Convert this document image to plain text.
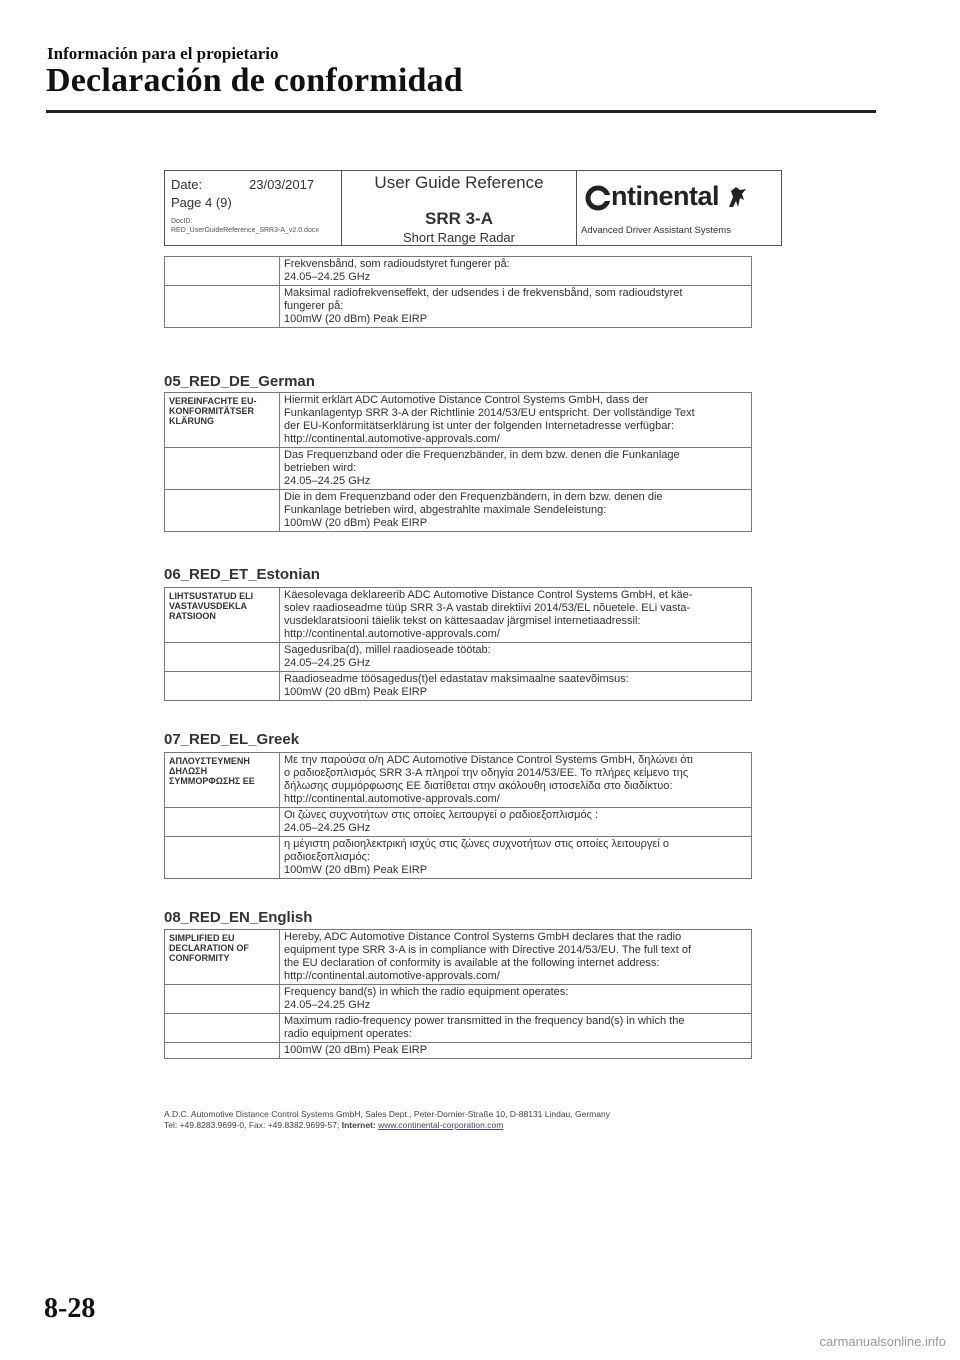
Información para el propietario
Declaración de conformidad
Date:	23/03/2017
Page 4 (9)
DocID:
RED_UserGuideReference_SRR3-A_v2.0.docx
User Guide Reference
SRR 3-A
Short Range Radar
ntinental
Advanced Driver Assistant Systems

	Frekvensbånd, som radioudstyret fungerer på:
24.05–24.25 GHz

	Maksimal radiofrekvenseffekt, der udsendes i de frekvensbånd, som radioudstyret
fungerer på:
100mW (20 dBm) Peak EIRP
05_RED_DE_German
VEREINFACHTE EU-KONFORMITÄTSER KLÄRUNG	Hiermit erklärt ADC Automotive Distance Control Systems GmbH, dass der
Funkanlagentyp SRR 3-A der Richtlinie 2014/53/EU entspricht. Der vollständige Text
der EU-Konformitätserklärung ist unter der folgenden Internetadresse verfügbar:
http://continental.automotive-approvals.com/

	Das Frequenzband oder die Frequenzbänder, in dem bzw. denen die Funkanlage
betrieben wird:
24.05–24.25 GHz

	Die in dem Frequenzband oder den Frequenzbändern, in dem bzw. denen die
Funkanlage betrieben wird, abgestrahlte maximale Sendeleistung:
100mW (20 dBm) Peak EIRP
06_RED_ET_Estonian
LIHTSUSTATUD ELI VASTAVUSDEKLA RATSIOON	Käesolevaga deklareerib ADC Automotive Distance Control Systems GmbH, et käe-
solev raadioseadme tüüp SRR 3-A vastab direktiivi 2014/53/EL nõuetele. ELi vasta-
vusdeklaratsiooni täielik tekst on kättesaadav järgmisel internetiaadressil:
http://continental.automotive-approvals.com/

	Sagedusriba(d), millel raadioseade töötab:
24.05–24.25 GHz

	Raadioseadme töösagedus(t)el edastatav maksimaalne saatevõimsus:
100mW (20 dBm) Peak EIRP
07_RED_EL_Greek
ΑΠΛΟΥΣΤΕΥΜΕΝΗ ΔΗΛΩΣΗ ΣΥΜΜΟΡΦΩΣΗΣ ΕΕ	Με την παρούσα ο/η ADC Automotive Distance Control Systems GmbH, δηλώνει ότι
ο ραδιοεξοπλισμός SRR 3-A πληροί την οδηγία 2014/53/ΕΕ. Το πλήρες κείμενο της
δήλωσης συμμόρφωσης ΕΕ διατίθεται στην ακόλουθη ιστοσελίδα στο διαδίκτυο:
http://continental.automotive-approvals.com/

	Οι ζώνες συχνοτήτων στις οποίες λειτουργεί ο ραδιοεξοπλισμός :
24.05–24.25 GHz

	η μέγιστη ραδιοηλεκτρική ισχύς στις ζώνες συχνοτήτων στις οποίες λειτουργεί ο
ραδιοεξοπλισμός:
100mW (20 dBm) Peak EIRP
08_RED_EN_English
SIMPLIFIED EU DECLARATION OF CONFORMITY	Hereby, ADC Automotive Distance Control Systems GmbH declares that the radio
equipment type SRR 3-A is in compliance with Directive 2014/53/EU. The full text of
the EU declaration of conformity is available at the following internet address:
http://continental.automotive-approvals.com/

	Frequency band(s) in which the radio equipment operates:
24.05–24.25 GHz

	Maximum radio-frequency power transmitted in the frequency band(s) in which the
radio equipment operates:

	100mW (20 dBm) Peak EIRP
A.D.C. Automotive Distance Control Systems GmbH, Sales Dept., Peter-Dornier-Straße 10, D-88131 Lindau, Germany
Tel: +49.8283.9699-0, Fax: +49.8382.9699-57; Internet: www.continental-corporation.com
8-28
carmanualsonline.info
